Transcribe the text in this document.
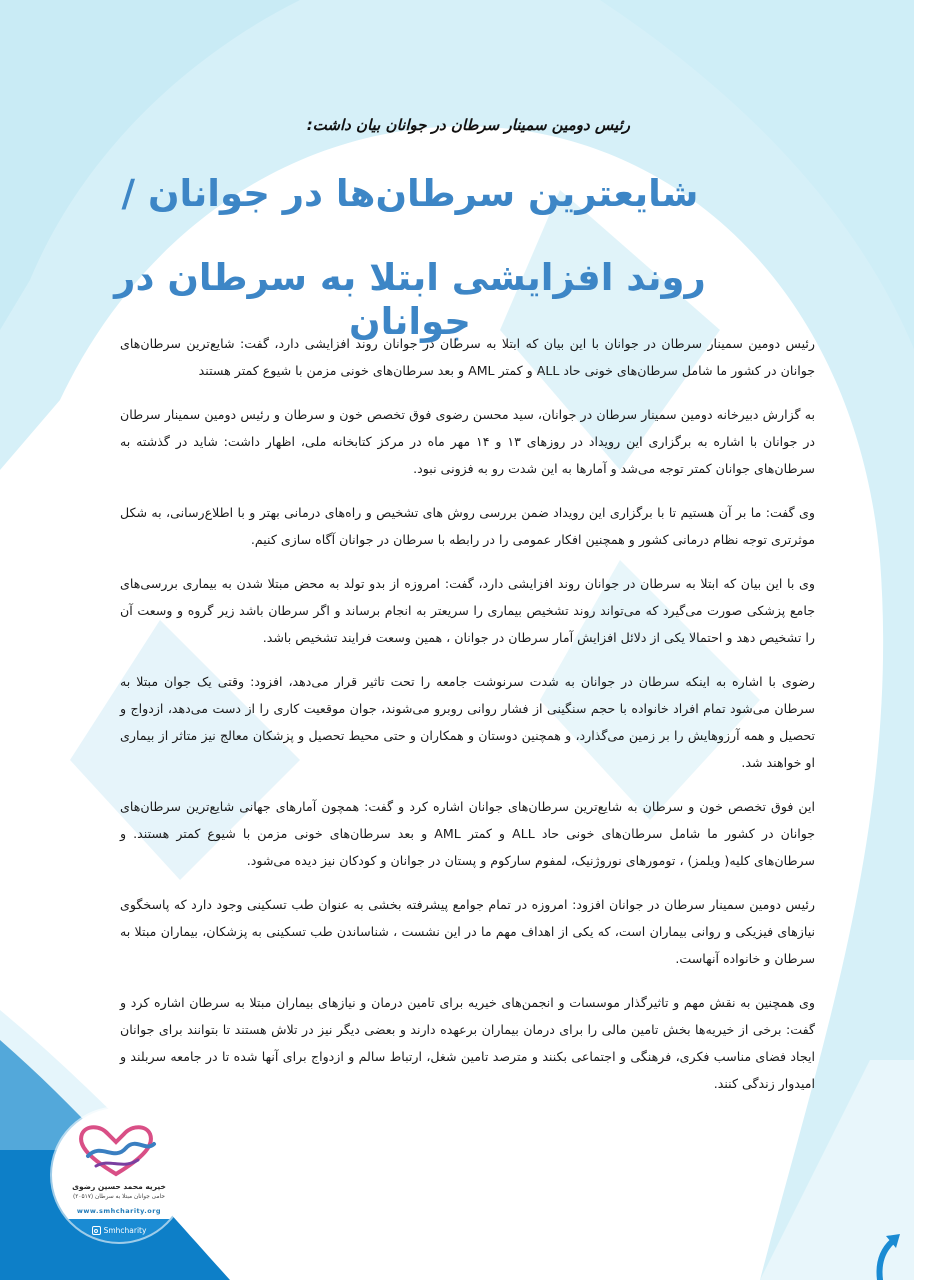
رئیس دومین سمینار سرطان در جوانان بیان داشت:
شایعترین سرطان‌ها در جوانان /
روند افزایشی ابتلا به سرطان در جوانان

رئیس دومین سمینار سرطان در جوانان با این بیان که ابتلا به سرطان در جوانان روند افزایشی دارد، گفت: شایع‌ترین سرطان‌های جوانان در کشور ما شامل سرطان‌های خونی حاد ALL و کمتر AML و بعد سرطان‌های خونی مزمن با شیوع کمتر هستند

به گزارش دبیرخانه دومین سمینار سرطان در جوانان، سید محسن رضوی فوق تخصص خون و سرطان و رئیس دومین سمینار سرطان در جوانان با اشاره به برگزاری این رویداد در روزهای ۱۳ و ۱۴ مهر ماه در مرکز کتابخانه ملی، اظهار داشت: شاید در گذشته به سرطان‌های جوانان کمتر توجه می‌شد و آمارها به این شدت رو به فزونی نبود.

وی گفت: ما بر آن هستیم تا با برگزاری این رویداد ضمن بررسی روش های تشخیص و راه‌های درمانی بهتر و با اطلاع‌رسانی، به شکل موثرتری توجه نظام درمانی کشور و همچنین افکار عمومی را در رابطه با سرطان در جوانان آگاه سازی کنیم.

وی با این بیان که ابتلا به سرطان در جوانان روند افزایشی دارد، گفت: امروزه از بدو تولد به محض مبتلا شدن به بیماری بررسی‌های جامع پزشکی صورت می‌گیرد که می‌تواند روند تشخیص بیماری را سریعتر به انجام برساند و اگر سرطان باشد زیر گروه و وسعت آن را تشخیص دهد و احتمالا یکی از دلائل افزایش آمار سرطان در جوانان ، همین وسعت فرایند تشخیص باشد.

رضوی با اشاره به اینکه سرطان در جوانان به شدت سرنوشت جامعه را تحت تاثیر قرار می‌دهد، افزود: وقتی یک جوان مبتلا به سرطان می‌شود تمام افراد خانواده با حجم سنگینی از فشار روانی روبرو می‌شوند، جوان موقعیت کاری را از دست می‌دهد، ازدواج و تحصیل و همه آرزوهایش را بر زمین می‌گذارد، و همچنین دوستان و همکاران و حتی محیط تحصیل و پزشکان معالج نیز متاثر از بیماری او خواهند شد.

این فوق تخصص خون و سرطان به شایع‌ترین سرطان‌های جوانان اشاره کرد و گفت: همچون آمارهای جهانی شایع‌ترین سرطان‌های جوانان در کشور ما شامل سرطان‌های خونی حاد ALL و کمتر AML و بعد سرطان‌های خونی مزمن با شیوع کمتر هستند. و سرطان‌های کلیه( ویلمز) ، تومورهای نوروژنیک، لمفوم سارکوم و پستان در جوانان و کودکان نیز دیده می‌شود.

رئیس دومین سمینار سرطان در جوانان افزود: امروزه در تمام جوامع پیشرفته بخشی به عنوان طب تسکینی وجود دارد که پاسخگوی نیازهای فیزیکی و روانی بیماران است، که یکی از اهداف مهم ما در این نشست ، شناساندن طب تسکینی به پزشکان، بیماران مبتلا به سرطان و خانواده آنهاست.

وی همچنین به نقش مهم و تاثیرگذار موسسات و انجمن‌های خیریه برای تامین درمان و نیازهای بیماران مبتلا به سرطان اشاره کرد و گفت: برخی از خیریه‌ها بخش تامین مالی را برای درمان بیماران برعهده دارند و بعضی دیگر نیز در تلاش هستند تا بتوانند برای جوانان ایجاد فضای مناسب فکری، فرهنگی و اجتماعی بکنند و مترصد تامین شغل، ارتباط سالم و ازدواج برای آنها شده تا در جامعه سربلند و امیدوار زندگی کنند.

خیریه محمد حسین رضوی
حامی جوانان مبتلا به سرطان (۲۰۵۱۷)
www.smhcharity.org
Smhcharity
